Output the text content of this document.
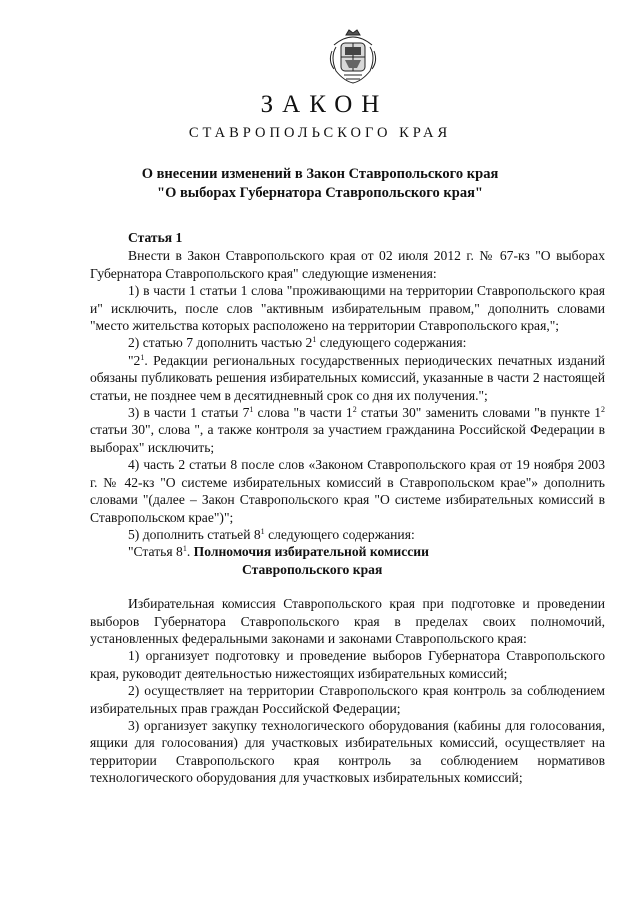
ЗАКОН
СТАВРОПОЛЬСКОГО КРАЯ
О внесении изменений в Закон Ставропольского края
"О выборах Губернатора Ставропольского края"

Статья 1

Внести в Закон Ставропольского края от 02 июля 2012 г. № 67-кз "О выборах Губернатора Ставропольского края" следующие изменения:

1) в части 1 статьи 1 слова "проживающими на территории Ставропольского края и" исключить, после слов "активным избирательным правом," дополнить словами "место жительства которых расположено на территории Ставропольского края,";

2) статью 7 дополнить частью $2^1$ следующего содержания:

"$2^1$. Редакции региональных государственных периодических печатных изданий обязаны публиковать решения избирательных комиссий, указанные в части 2 настоящей статьи, не позднее чем в десятидневный срок со дня их получения.";

3) в части 1 статьи $7^1$ слова "в части $1^2$ статьи 30" заменить словами "в пункте $1^2$ статьи 30", слова ", а также контроля за участием гражданина Российской Федерации в выборах" исключить;

4) часть 2 статьи 8 после слов «Законом Ставропольского края от 19 ноября 2003 г. № 42-кз "О системе избирательных комиссий в Ставропольском крае"» дополнить словами "(далее – Закон Ставропольского края "О системе избирательных комиссий в Ставропольском крае")";

5) дополнить статьей $8^1$ следующего содержания:

"Статья $8^1$. Полномочия избирательной комиссии

Ставропольского края

Избирательная комиссия Ставропольского края при подготовке и проведении выборов Губернатора Ставропольского края в пределах своих полномочий, установленных федеральными законами и законами Ставропольского края:

1) организует подготовку и проведение выборов Губернатора Ставропольского края, руководит деятельностью нижестоящих избирательных комиссий;

2) осуществляет на территории Ставропольского края контроль за соблюдением избирательных прав граждан Российской Федерации;

3) организует закупку технологического оборудования (кабины для голосования, ящики для голосования) для участковых избирательных комиссий, осуществляет на территории Ставропольского края контроль за соблюдением нормативов технологического оборудования для участковых избирательных комиссий;
